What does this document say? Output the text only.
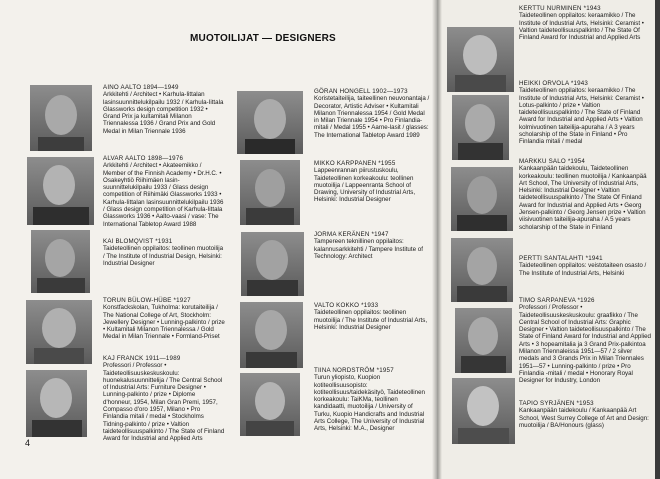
MUOTOILIJAT — DESIGNERS
AINO AALTO 1894—1949
Arkkitehti / Architect • Karhula-Iittalan lasinsuunnittelukilpailu 1932 / Karhula-Iittala Glassworks design competition 1932 • Grand Prix ja kultamitali Milanon Triennalessa 1936 / Grand Prix and Gold Medal in Milan Triennale 1936
ALVAR AALTO 1898—1976
Arkkitehti / Architect • Akateemikko / Member of the Finnish Academy • Dr.H.C. • Osakeyhtiö Riihimäen lasin-suunnittelukilpailu 1933 / Glass design competition of Riihimäki Glassworks 1933 • Karhula-Iittalan lasinsuunnittelukilpailu 1936 / Glass design competition of Karhula-Iittala Glassworks 1936 • Aalto-vaasi / vase: The International Tabletop Award 1988
KAI BLOMQVIST *1931
Taideteollinen oppilaitos: teollinen muotoilija / The Institute of Industrial Design, Helsinki: Industrial Designer
TORUN BÜLOW-HÜBE *1927
Konstfackskolan, Tukholma: korutaiteilija / The National College of Art, Stockholm: Jewellery Designer • Lunning-palkinto / prize • Kultamitali Milanon Triennalessa / Gold Medal in Milan Triennale • Formland-Priset
KAJ FRANCK 1911—1989
Professori / Professor • Taideteollisuuskeskuskoulu: huonekalusuunnittelija / The Central School of Industrial Arts: Furniture Designer • Lunning-palkinto / prize • Diplome d'honneur, 1954, Milan Gran Premi, 1957, Compasso d'oro 1957, Milano • Pro Finlandia mitali / medal • Stockholms Tidning-palkinto / prize • Valtion taideteollisuuspalkinto / The State of Finland Award for Industrial and Applied Arts
GÖRAN HONGELL 1902—1973
Koristetaiteilija, taiteellinen neuvonantaja / Decorator, Artistic Adviser • Kultamitali Milanon Triennalessa 1954 / Gold Medal in Milan Triennale 1954 • Pro Finlandia-mitali / Medal 1955 • Aarne-lasit / glasses: The International Tabletop Award 1989
MIKKO KARPPANEN *1955
Lappeenrannan piirustuskoulu, Taideteollinen korkeakoulu: teollinen muotoilija / Lappeenranta School of Drawing, University of Industrial Arts, Helsinki: Industrial Designer
JORMA KERÄNEN *1947
Tampereen teknillinen oppilaitos: kalannusarkkitehti / Tampere Institute of Technology: Architect
VALTO KOKKO *1933
Taideteollinen oppilaitos: teollinen muotoilija / The Institute of Industrial Arts, Helsinki: Industrial Designer
TIINA NORDSTRÖM *1957
Turun yliopisto, Kuopion kotiteollisuusopisto: kotiteollisuus/taidekäsityö, Taideteollinen korkeakoulu: TaiKMa, teollinen kandidaatti, muotoilija / University of Turku, Kuopio Handicrafts and Industrial Arts College, The University of Industrial Arts, Helsinki: M.A., Designer
KERTTU NURMINEN *1943
Taideteollinen oppilaitos: keraamikko / The Institute of Industrial Arts, Helsinki: Ceramist • Valtion taideteollisuuspalkinto / The State Of Finland Award for Industrial and Applied Arts
HEIKKI ORVOLA *1943
Taideteollinen oppilaitos: keraamikko / The Institute of Industrial Arts, Helsinki: Ceramist • Lotus-palkinto / prize • Valtion taideteollisuuspalkinto / The State of Finland Award for Industrial and Applied Arts • Valtion kolmivuotinen taiteilija-apuraha / A 3 years scholarship of the State in Finland • Pro Finlandia mitali / medal
MARKKU SALO *1954
Kankaanpään taidekoulu, Taideteollinen korkeakoulu: teollinen muotoilija / Kankaanpää Art School, The University of Industrial Arts, Helsinki: Industrial Designer • Valtion taideteollisuuspalkinto / The State Of Finland Award for Industrial and Applied Arts • Georg Jensen-palkinto / Georg Jensen prize • Valtion viisivuotinen taiteilija-apuraha / A 5 years scholarship of the State in Finland
PERTTI SANTALAHTI *1941
Taideteollinen oppilaitos: veistotaiteen osasto / The Institute of Industrial Arts, Helsinki
TIMO SARPANEVA *1926
Professori / Professor • Taideteollisuuskeskuskoulu: graafikko / The Central School of Industrial Arts: Graphic Designer • Valtion taideteollisuuspalkinto / The State of Finland Award for Industrial and Applied Arts • 3 hopeamitalia ja 3 Grand Prix-palkintoa Milanon Triennaleissa 1951—57 / 2 silver medals and 3 Grands Prix in Milan Triennales 1951—57 • Lunning-palkinto / prize • Pro Finlandia -mitali / medal • Honorary Royal Designer for Industry, London
TAPIO SYRJÄNEN *1953
Kankaanpään taidekoulu / Kankaanpää Art School, West Surrey College of Art and Design: muotoilija / BA/Honours (glass)
4
